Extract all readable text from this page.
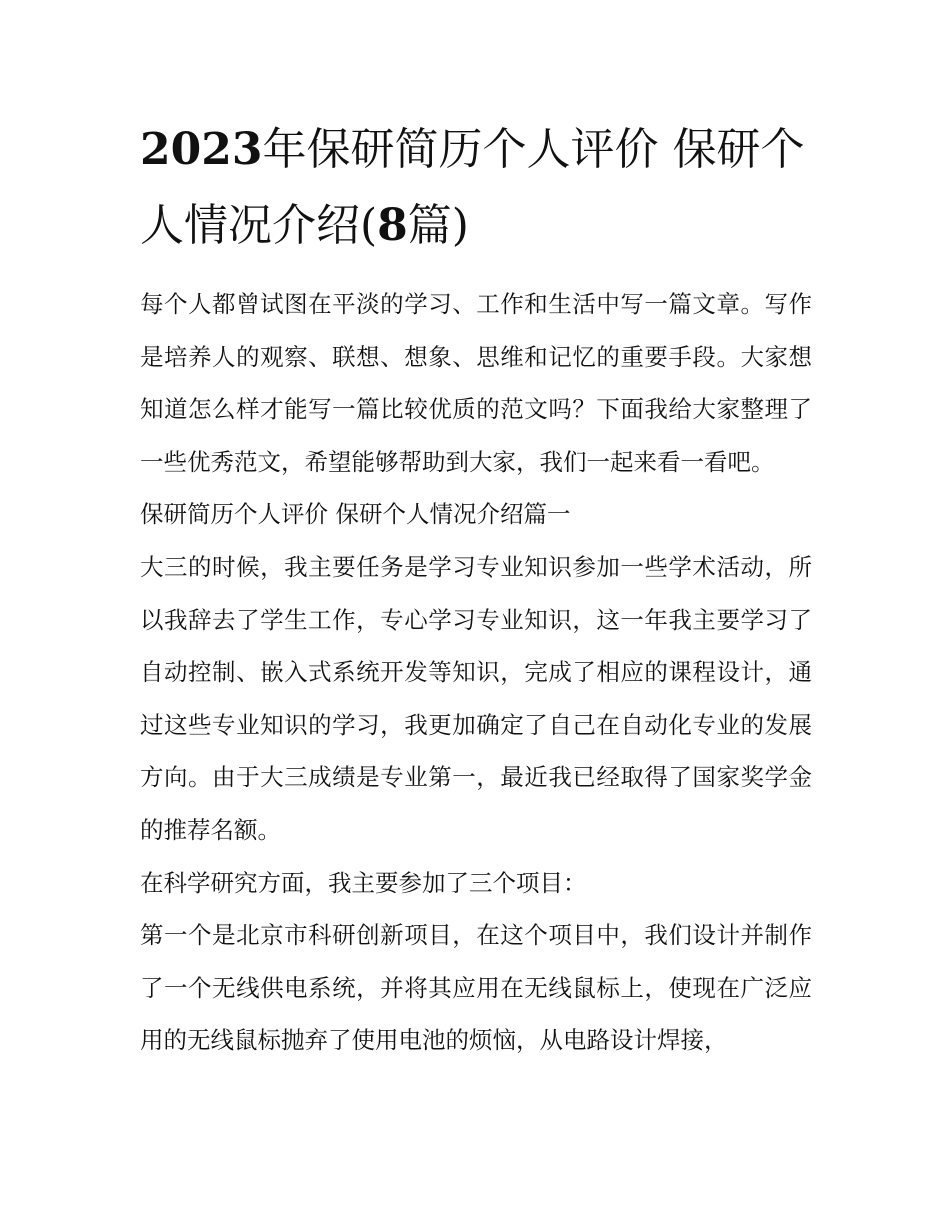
2023年保研简历个人评价 保研个人情况介绍(8篇)

每个人都曾试图在平淡的学习、工作和生活中写一篇文章。写作是培养人的观察、联想、想象、思维和记忆的重要手段。大家想知道怎么样才能写一篇比较优质的范文吗？下面我给大家整理了一些优秀范文，希望能够帮助到大家，我们一起来看一看吧。

保研简历个人评价 保研个人情况介绍篇一

大三的时候，我主要任务是学习专业知识参加一些学术活动，所以我辞去了学生工作，专心学习专业知识，这一年我主要学习了自动控制、嵌入式系统开发等知识，完成了相应的课程设计，通过这些专业知识的学习，我更加确定了自己在自动化专业的发展方向。由于大三成绩是专业第一，最近我已经取得了国家奖学金的推荐名额。

在科学研究方面，我主要参加了三个项目：

第一个是北京市科研创新项目，在这个项目中，我们设计并制作了一个无线供电系统，并将其应用在无线鼠标上，使现在广泛应用的无线鼠标抛弃了使用电池的烦恼，从电路设计焊接，
